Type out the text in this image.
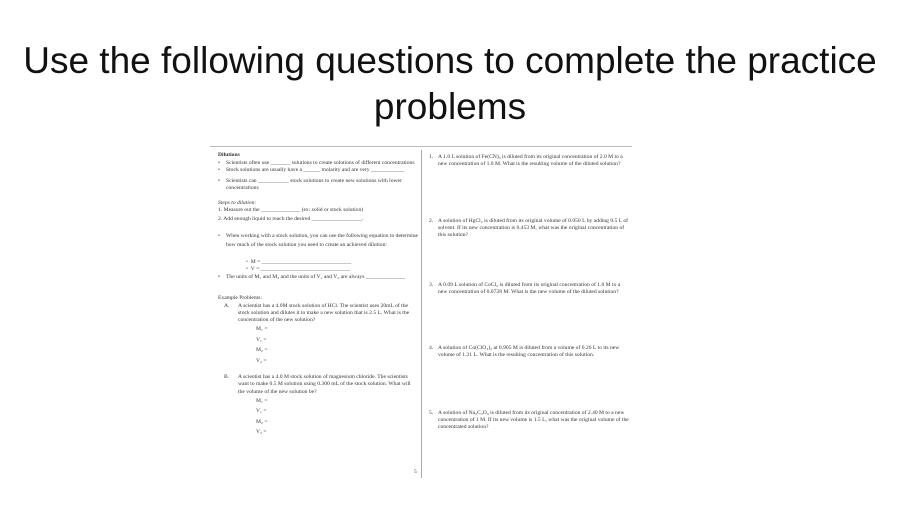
Use the following questions to complete the practice problems
Dilutions
•	Scientists often use _______ solutions to create solutions of different concentrations
•	Stock solutions are usually have a ______ molarity and are very ____________
•	Scientists can ___________ stock solutions to create new solutions with lower concentrations
Steps to dilution:
1. Measure out the ______________ (ex: solid or stock solution)
2. Add enough liquid to reach the desired __________________.
•	When working with a stock solution, you can use the following equation to determine how much of the stock solution you need to create an achieved dilution:
▫  M = ________________________________
▫  V = ________________________________
•	The units of M₁ and M₂ and the units of V₁ and V₂ are always ______________
Example Problems:
A.	A scientist has a 4.0M stock solution of HCl. The scientist uses 20mL of the stock solution and dilutes it to make a new solution that is 2.5 L. What is the concentration of the new solution?
M₁ =
V₁ =
M₂ =
V₂ =
B.	A scientist has a 4.0 M stock solution of magnesium chloride. The scientists want to make 0.5 M solution using 0.300 mL of the stock solution. What will the volume of the new solution be?
M₁ =
V₁ =
M₂ =
V₂ =
1. A 1.0 L solution of Fe(CN)₃ is diluted from its original concentration of 2.0 M to a new concentration of 1.0 M. What is the resulting volume of the diluted solution?
2. A solution of HgCl₂ is diluted from its original volume of 0.050 L by adding 0.5 L of solvent. If its new concentration is 0.453 M, what was the original concentration of this solution?
3. A 0.09 L solution of CoCl₂ is diluted from its original concentration of 1.0 M to a new concentration of 0.0728 M. What is the new volume of the diluted solution?
4. A solution of Co(ClO₃)₂ at 0.905 M is diluted from a volume of 0.26 L to its new volume of 1.31 L. What is the resulting concentration of this solution.
5. A solution of Na₂C₂O₄ is diluted from its original concentration of 2.40 M to a new concentration of 1 M. If its new volume is 1.5 L, what was the original volume of the concentrated solution?
5
